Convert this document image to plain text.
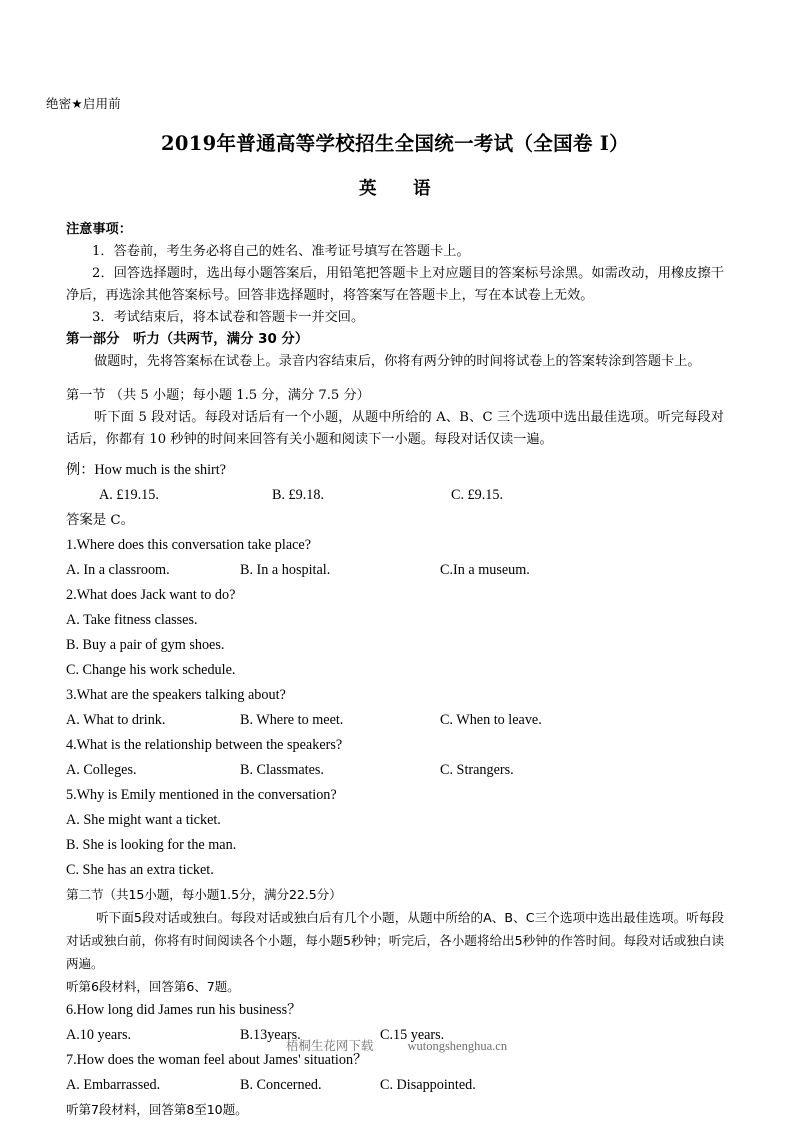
绝密★启用前
2019年普通高等学校招生全国统一考试（全国卷 I）
英　　语
注意事项：
1．答卷前，考生务必将自己的姓名、准考证号填写在答题卡上。
2．回答选择题时，选出每小题答案后，用铅笔把答题卡上对应题目的答案标号涂黑。如需改动，用橡皮擦干净后，再选涂其他答案标号。回答非选择题时，将答案写在答题卡上，写在本试卷上无效。
3．考试结束后，将本试卷和答题卡一并交回。
第一部分　听力（共两节，满分 30 分）
做题时，先将答案标在试卷上。录音内容结束后，你将有两分钟的时间将试卷上的答案转涂到答题卡上。
第一节 （共 5 小题；每小题 1.5 分，满分 7.5 分）
听下面 5 段对话。每段对话后有一个小题，从题中所给的 A、B、C 三个选项中选出最佳选项。听完每段对话后，你都有 10 秒钟的时间来回答有关小题和阅读下一小题。每段对话仅读一遍。
例：How much is the shirt?
A. £19.15.	B. £9.18.	C. £9.15.
答案是 C。
1.Where does this conversation take place?
A. In a classroom.	B. In a hospital.	C.In a museum.
2.What does Jack want to do?
A. Take fitness classes.
B. Buy a pair of gym shoes.
C. Change his work schedule.
3.What are the speakers talking about?
A. What to drink.	B. Where to meet.	C. When to leave.
4.What is the relationship between the speakers?
A. Colleges.	B. Classmates.	C. Strangers.
5.Why is Emily mentioned in the conversation?
A. She might want a ticket.
B. She is looking for the man.
C. She has an extra ticket.
第二节（共15小题，每小题1.5分，满分22.5分）
听下面5段对话或独白。每段对话或独白后有几个小题，从题中所给的A、B、C三个选项中选出最佳选项。听每段对话或独白前，你将有时间阅读各个小题，每小题5秒钟；听完后，各小题将给出5秒钟的作答时间。每段对话或独白读两遍。
听第6段材料，回答第6、7题。
6.How long did James run his business？
A.10 years.	B.13years.	C.15 years.
7.How does the woman feel about James' situation？
A. Embarrassed.	B. Concerned.	C. Disappointed.
听第7段材料，回答第8至10题。
梧桐生花网下载	wutongshenghua.cn
